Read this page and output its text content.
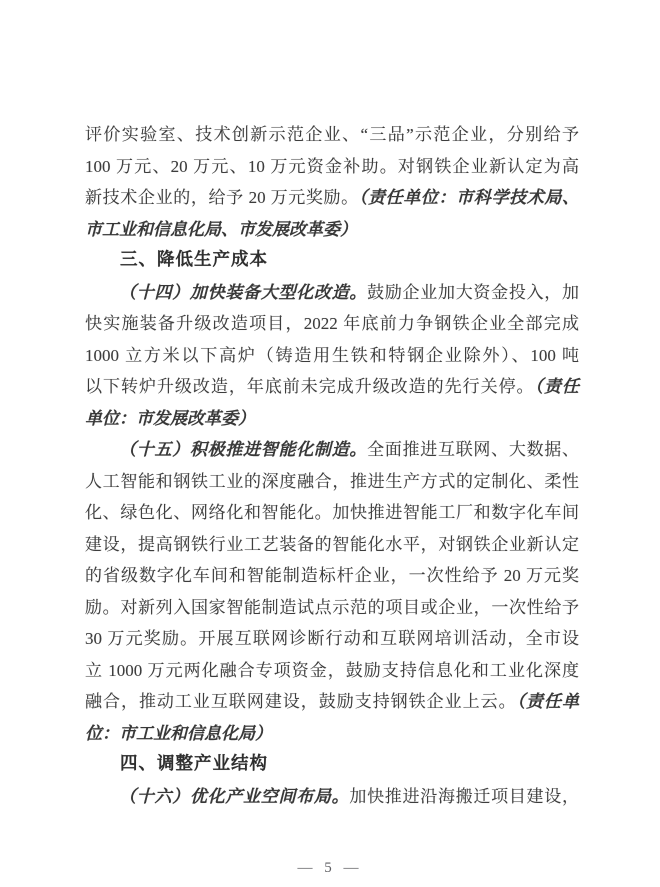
评价实验室、技术创新示范企业、“三品”示范企业，分别给予
100 万元、20 万元、10 万元资金补助。对钢铁企业新认定为高
新技术企业的，给予 20 万元奖励。（责任单位：市科学技术局、
市工业和信息化局、市发展改革委）
三、降低生产成本
（十四）加快装备大型化改造。鼓励企业加大资金投入，加
快实施装备升级改造项目，2022 年底前力争钢铁企业全部完成
1000 立方米以下高炉（铸造用生铁和特钢企业除外）、100 吨
以下转炉升级改造，年底前未完成升级改造的先行关停。（责任
单位：市发展改革委）
（十五）积极推进智能化制造。全面推进互联网、大数据、
人工智能和钢铁工业的深度融合，推进生产方式的定制化、柔性
化、绿色化、网络化和智能化。加快推进智能工厂和数字化车间
建设，提高钢铁行业工艺装备的智能化水平，对钢铁企业新认定
的省级数字化车间和智能制造标杆企业，一次性给予 20 万元奖
励。对新列入国家智能制造试点示范的项目或企业，一次性给予
30 万元奖励。开展互联网诊断行动和互联网培训活动，全市设
立 1000 万元两化融合专项资金，鼓励支持信息化和工业化深度
融合，推动工业互联网建设，鼓励支持钢铁企业上云。（责任单
位：市工业和信息化局）
四、调整产业结构
（十六）优化产业空间布局。加快推进沿海搬迁项目建设，
— 5 —
